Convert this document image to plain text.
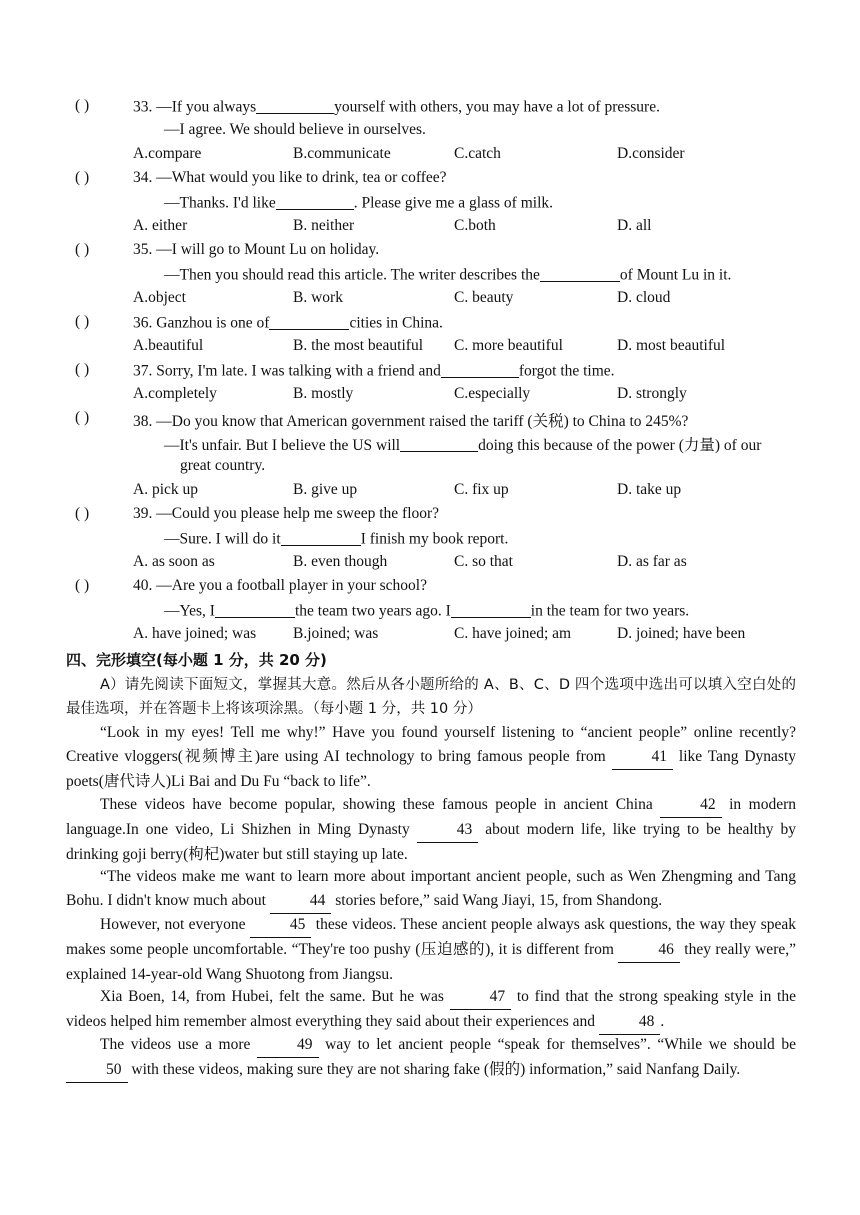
( )	33. —If you always	yourself with others, you may have a lot of pressure.
—I agree. We should believe in ourselves.
A.compare	B.communicate	C.catch	D.consider
( )	34. —What would you like to drink, tea or coffee?
—Thanks. I'd like	. Please give me a glass of milk.
A. either	B. neither	C.both	D. all
( )	35. —I will go to Mount Lu on holiday.
—Then you should read this article. The writer describes the	of Mount Lu in it.
A.object	B. work	C. beauty	D. cloud
( )	36. Ganzhou is one of	cities in China.
A.beautiful	B. the most beautiful C. more beautiful	D. most beautiful
( )	37. Sorry, I'm late. I was talking with a friend and	forgot the time.
A.completely	B. mostly	C.especially	D. strongly
( )	38. —Do you know that American government raised the tariff (关税) to China to 245%?
—It's unfair. But I believe the US will	doing this because of the power (力量) of our
great country.
A. pick up	B. give up	C. fix up	D. take up
( )	39. —Could you please help me sweep the floor?
—Sure. I will do it	I finish my book report.
A. as soon as	B. even though	C. so that	D. as far as
( )	40. —Are you a football player in your school?
—Yes, I	the team two years ago. I	in the team for two years.
A. have joined; was B.joined; was	C. have joined; am	D. joined; have been
四、完形填空(每小题 1 分，共 20 分)
A）请先阅读下面短文，掌握其大意。然后从各小题所给的 A、B、C、D 四个选项中选出可以填入空白处的最佳选项，并在答题卡上将该项涂黑。（每小题 1 分，共 10 分）
“Look in my eyes! Tell me why!” Have you found yourself listening to “ancient people” online recently? Creative vloggers(视频博主)are using AI technology to bring famous people from	41 like Tang Dynasty poets(唐代诗人)Li Bai and Du Fu “back to life”.
These videos have become popular, showing these famous people in ancient China	42 in modern language.In one video, Li Shizhen in Ming Dynasty	43 about modern life, like trying to be healthy by drinking goji berry(枸杞)water but still staying up late.
“The videos make me want to learn more about important ancient people, such as Wen Zhengming and Tang Bohu. I didn't know much about	44 stories before,” said Wang Jiayi, 15, from Shandong.
However, not everyone	45 these videos. These ancient people always ask questions, the way they speak makes some people uncomfortable. “They're too pushy (压迫感的), it is different from	46 they really were,” explained 14-year-old Wang Shuotong from Jiangsu.
Xia Boen, 14, from Hubei, felt the same. But he was	47 to find that the strong speaking style in the videos helped him remember almost everything they said about their experiences and	48 .
The videos use a more	49 way to let ancient people “speak for themselves”. “While we should be 50 with these videos, making sure they are not sharing fake (假的) information,” said Nanfang Daily.
